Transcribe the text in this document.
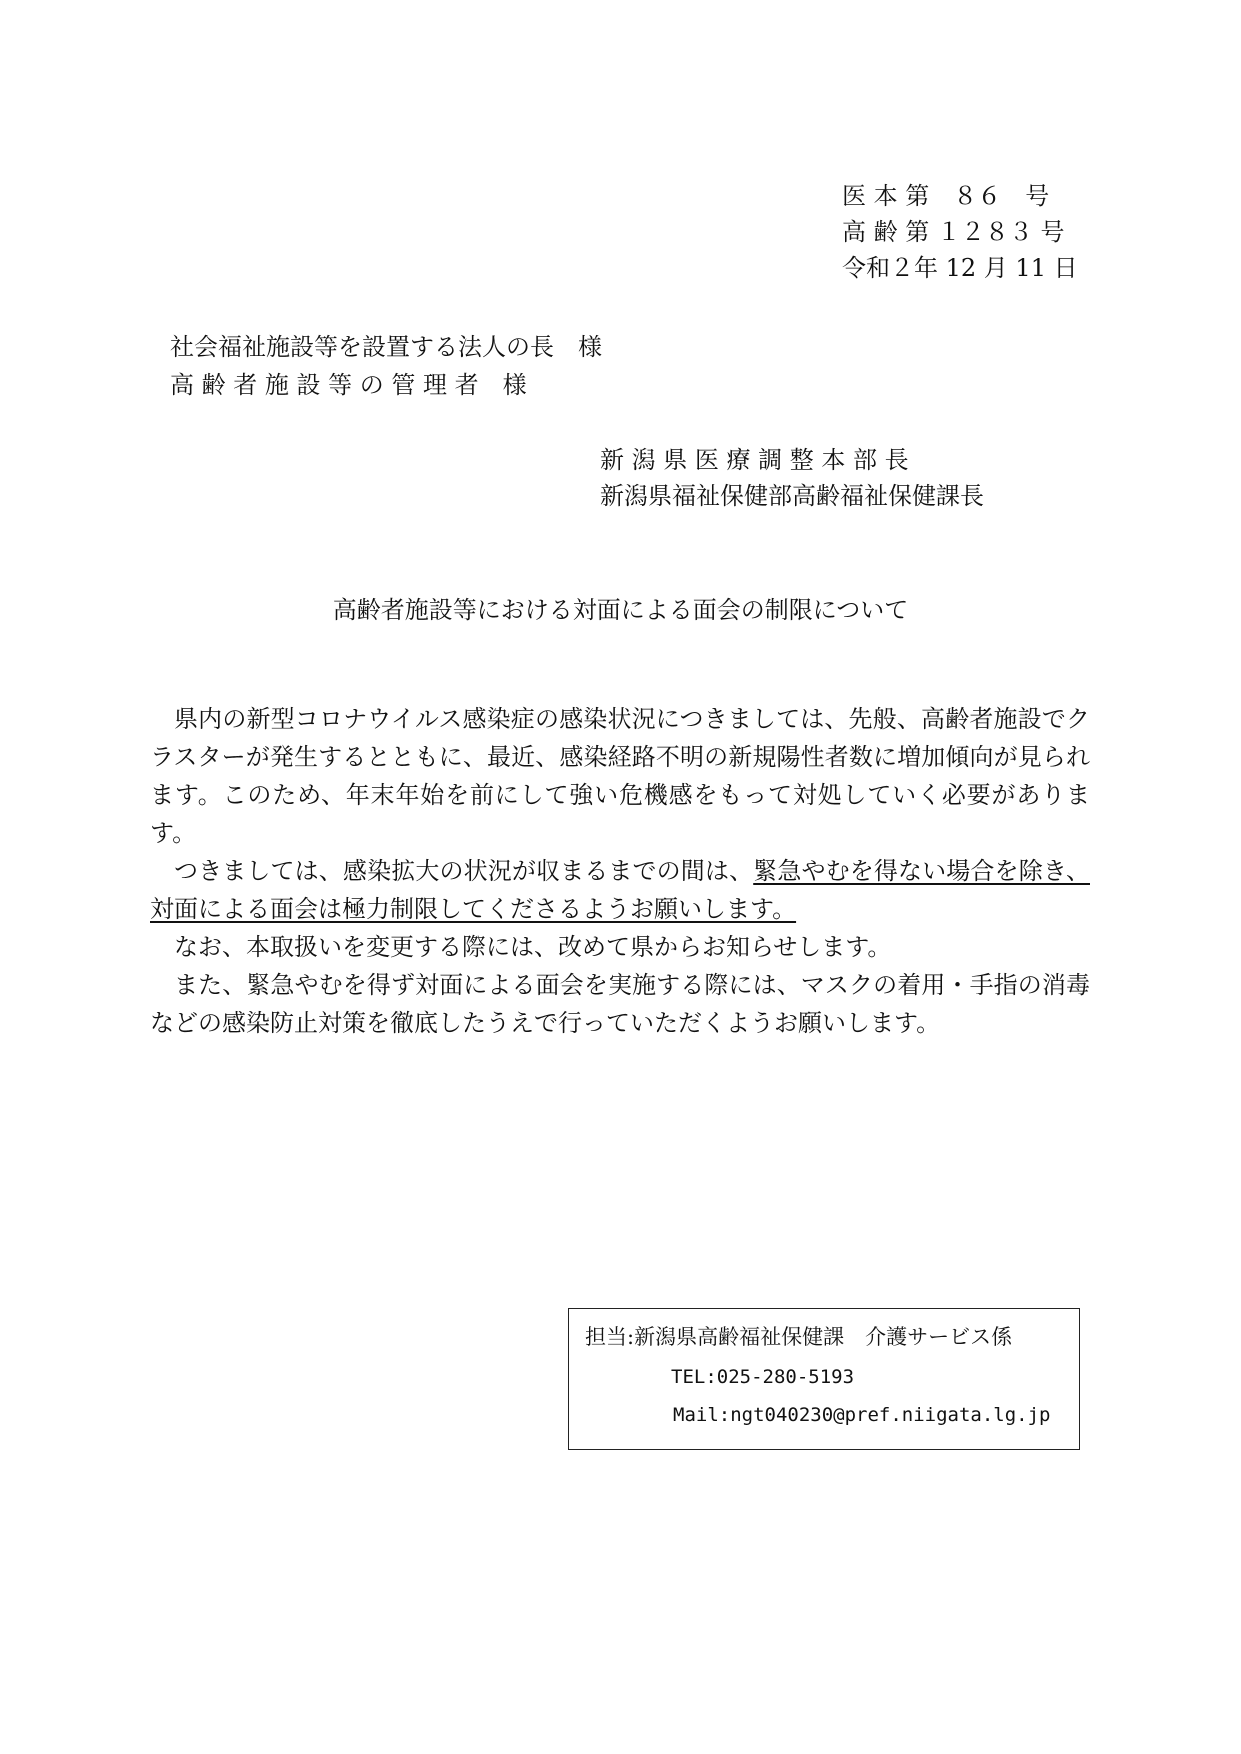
医 本 第　８６　号
高 齢 第 １２８３ 号
令和２年 12 月 11 日
社会福祉施設等を設置する法人の長　様
高 齢 者 施 設 等 の 管 理 者　様
新 潟 県 医 療 調 整 本 部 長
新潟県福祉保健部高齢福祉保健課長
高齢者施設等における対面による面会の制限について

県内の新型コロナウイルス感染症の感染状況につきましては、先般、高齢者施設でクラスターが発生するとともに、最近、感染経路不明の新規陽性者数に増加傾向が見られます。このため、年末年始を前にして強い危機感をもって対処していく必要があります。

つきましては、感染拡大の状況が収まるまでの間は、緊急やむを得ない場合を除き、対面による面会は極力制限してくださるようお願いします。

なお、本取扱いを変更する際には、改めて県からお知らせします。

また、緊急やむを得ず対面による面会を実施する際には、マスクの着用・手指の消毒などの感染防止対策を徹底したうえで行っていただくようお願いします。

担当:新潟県高齢福祉保健課　介護サービス係
TEL:025-280-5193
Mail:ngt040230@pref.niigata.lg.jp
